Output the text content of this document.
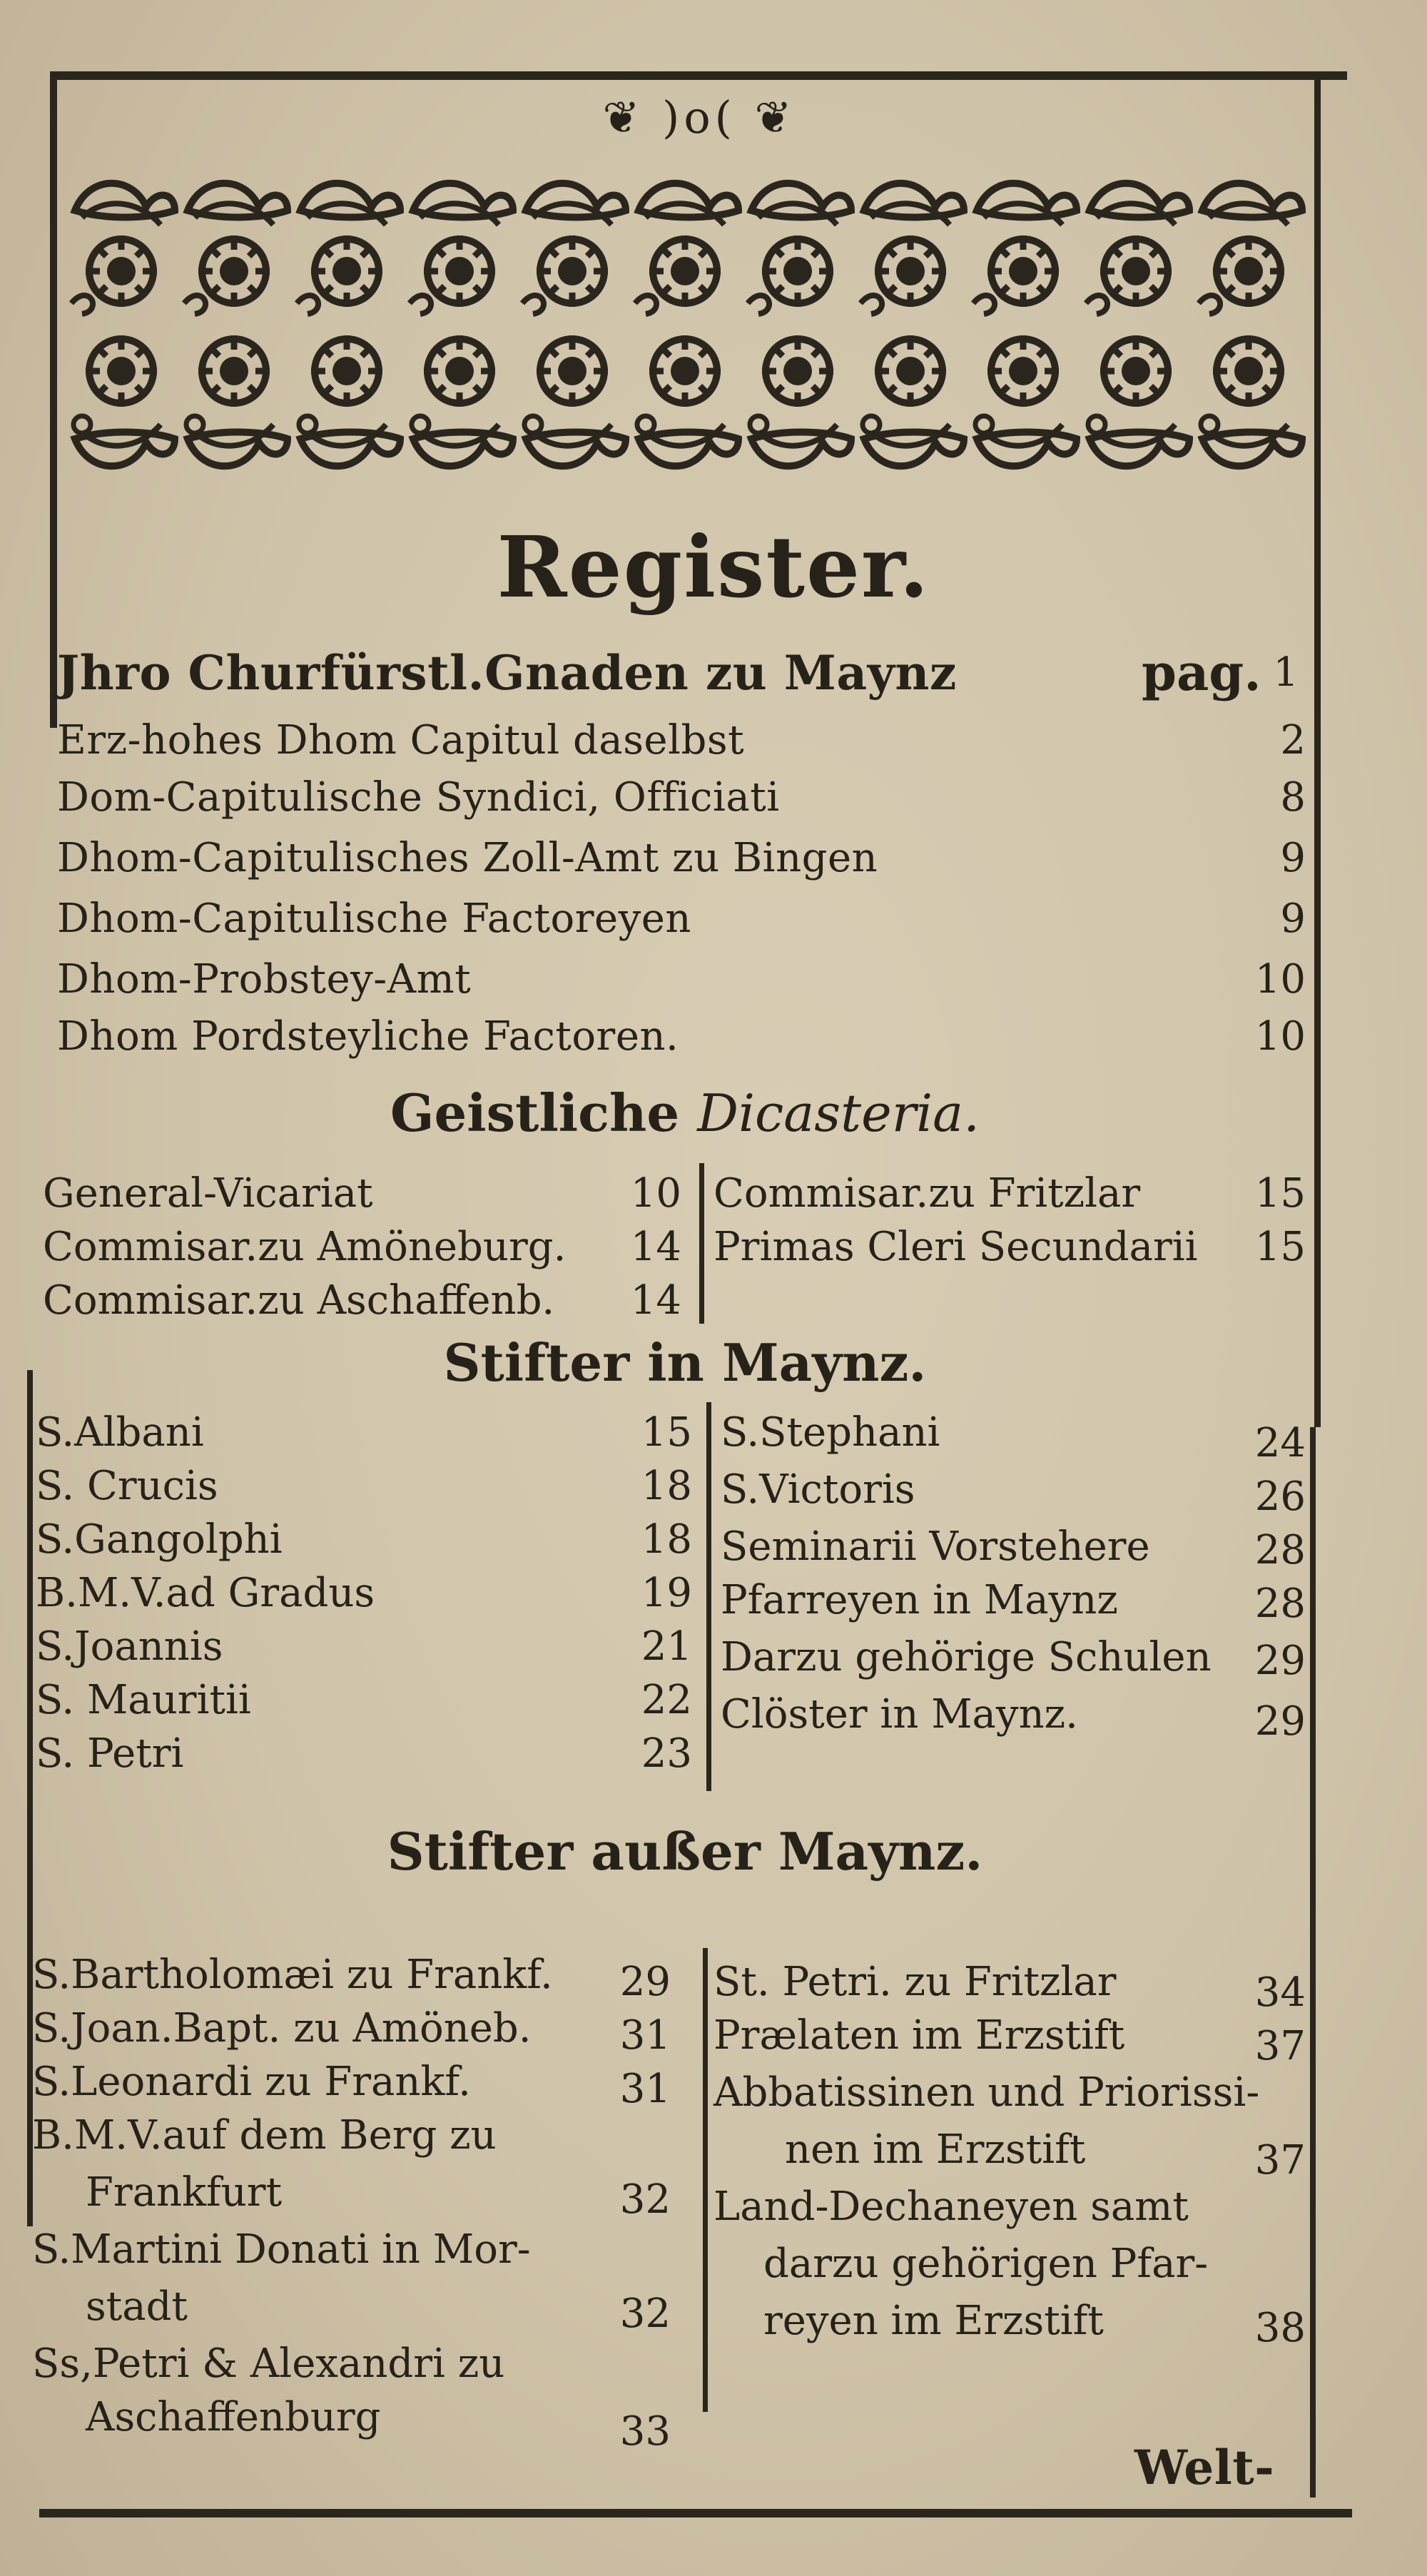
❦ )o( ❦
Register.
Jhro Churfürstl.Gnaden zu Maynz	pag. 1
Erz-hohes Dhom Capitul daselbst	2
Dom-Capitulische Syndici, Officiati	8
Dhom-Capitulisches Zoll-Amt zu Bingen	9
Dhom-Capitulische Factoreyen	9
Dhom-Probstey-Amt	10
Dhom Pordsteyliche Factoren.	10
Geistliche Dicasteria.
General-Vicariat	10
Commisar.zu Amöneburg.	14
Commisar.zu Aschaffenb.	14
Commisar.zu Fritzlar	15
Primas Cleri Secundarii	15
Stifter in Maynz.
S.Albani	15
S. Crucis	18
S.Gangolphi	18
B.M.V.ad Gradus	19
S.Joannis	21
S. Mauritii	22
S. Petri	23
S.Stephani	24
S.Victoris	26
Seminarii Vorstehere	28
Pfarreyen in Maynz	28
Darzu gehörige Schulen	29
Clöster in Maynz.	29
Stifter außer Maynz.
S.Bartholomæi zu Frankf.	29
S.Joan.Bapt. zu Amöneb.	31
S.Leonardi zu Frankf.	31
B.M.V.auf dem Berg zu
Frankfurt	32
S.Martini Donati in Mor-
stadt	32
Ss,Petri & Alexandri zu
Aschaffenburg	33
St. Petri. zu Fritzlar	34
Prælaten im Erzstift	37
Abbatissinen und Priorissi-
nen im Erzstift	37
Land-Dechaneyen samt
darzu gehörigen Pfar-
reyen im Erzstift	38
Welt-
